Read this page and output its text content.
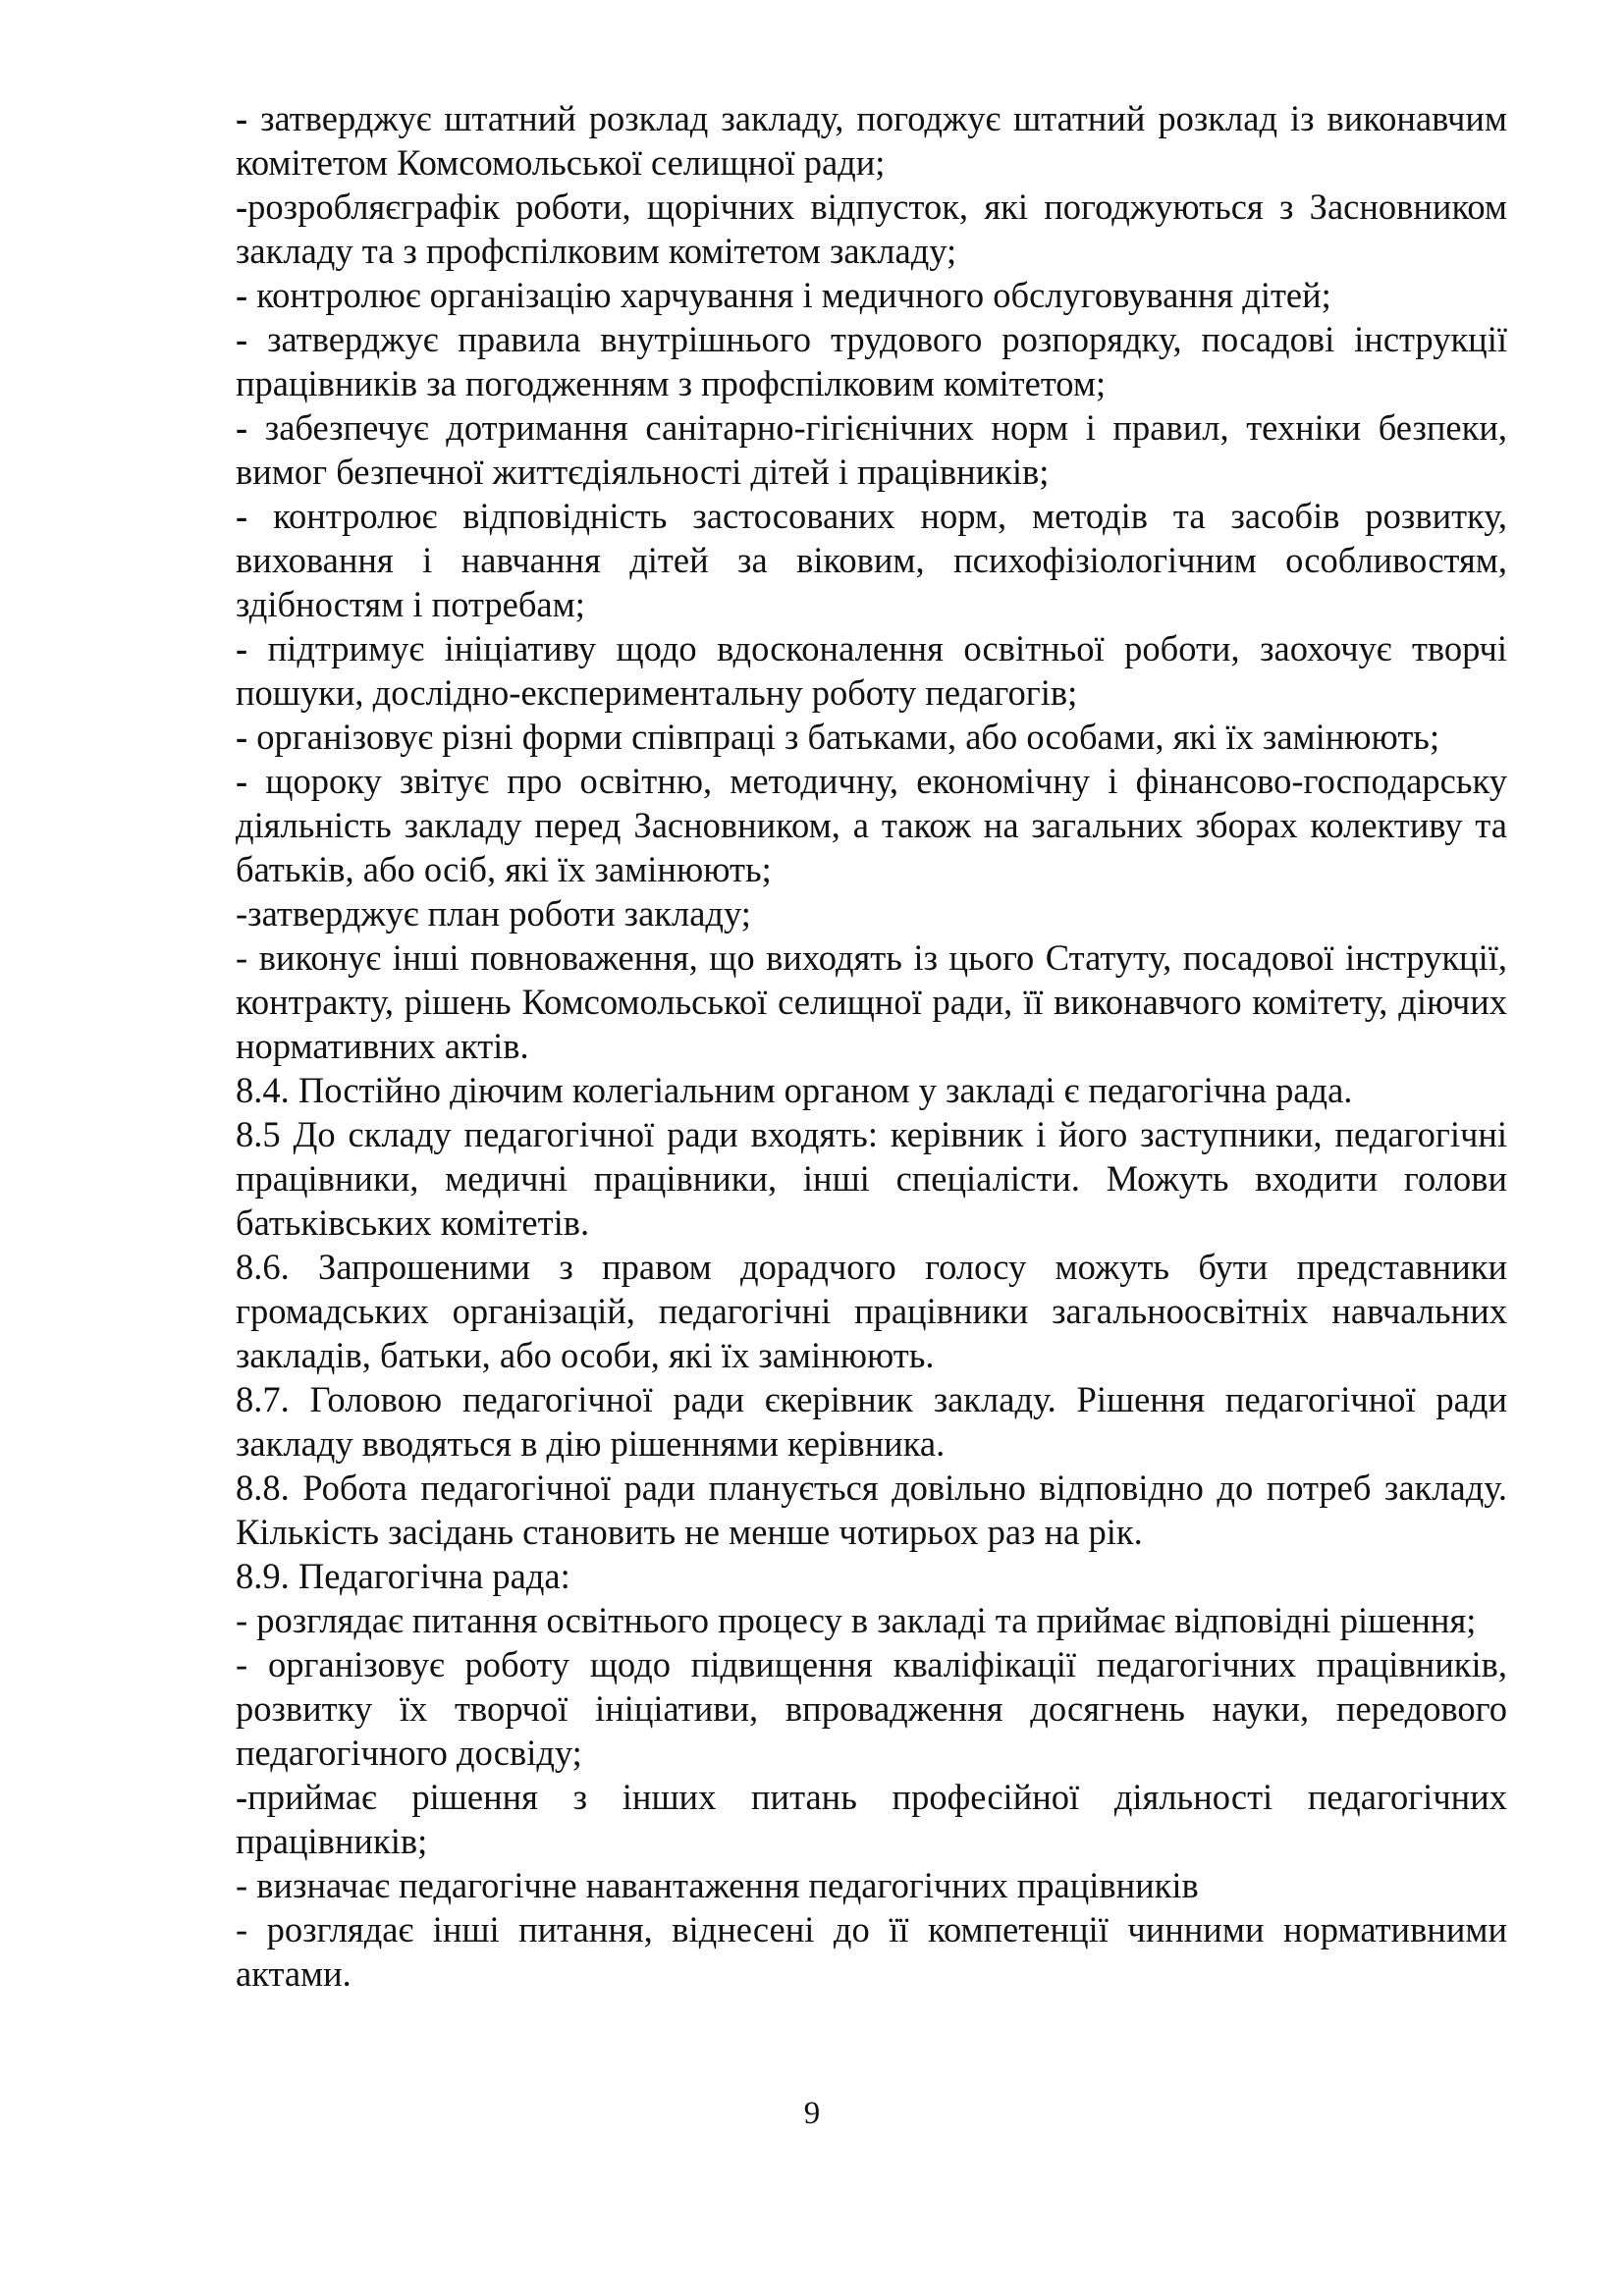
- затверджує штатний розклад закладу, погоджує штатний розклад із виконавчим комітетом Комсомольської селищної ради;

-розробляєграфік роботи, щорічних відпусток, які погоджуються з Засновником закладу та з профспілковим комітетом закладу;

- контролює організацію харчування і медичного обслуговування дітей;

- затверджує правила внутрішнього трудового розпорядку, посадові інструкції працівників за погодженням з профспілковим комітетом;

- забезпечує дотримання санітарно-гігієнічних норм і правил, техніки безпеки, вимог безпечної життєдіяльності дітей і працівників;

- контролює відповідність застосованих норм, методів та засобів розвитку, виховання і навчання дітей за віковим, психофізіологічним особливостям, здібностям і потребам;

- підтримує ініціативу щодо вдосконалення освітньої роботи, заохочує творчі пошуки, дослідно-експериментальну роботу педагогів;

- організовує різні форми співпраці з батьками, або особами, які їх замінюють;

- щороку звітує про освітню, методичну, економічну і фінансово-господарську діяльність закладу перед Засновником, а також на загальних зборах колективу та батьків, або осіб, які їх замінюють;

-затверджує план роботи закладу;

- виконує інші повноваження, що виходять із цього Статуту, посадової інструкції, контракту, рішень Комсомольської селищної ради, її виконавчого комітету, діючих нормативних актів.

8.4. Постійно діючим колегіальним органом у закладі є педагогічна рада.

8.5 До складу педагогічної ради входять: керівник і його заступники, педагогічні працівники, медичні працівники, інші спеціалісти. Можуть входити голови батьківських комітетів.

8.6. Запрошеними з правом дорадчого голосу можуть бути представники громадських організацій, педагогічні працівники загальноосвітніх навчальних закладів, батьки, або особи, які їх замінюють.

8.7. Головою педагогічної ради єкерівник закладу. Рішення педагогічної ради закладу вводяться в дію рішеннями керівника.

8.8. Робота педагогічної ради планується довільно відповідно до потреб закладу. Кількість засідань становить не менше чотирьох раз на рік.

8.9. Педагогічна рада:

- розглядає питання освітнього процесу в закладі та приймає відповідні рішення;

- організовує роботу щодо підвищення кваліфікації педагогічних працівників, розвитку їх творчої ініціативи, впровадження досягнень науки, передового педагогічного досвіду;

-приймає рішення з інших питань професійної діяльності педагогічних працівників;

- визначає педагогічне навантаження педагогічних працівників

- розглядає інші питання, віднесені до її компетенції чинними нормативними актами.

9
